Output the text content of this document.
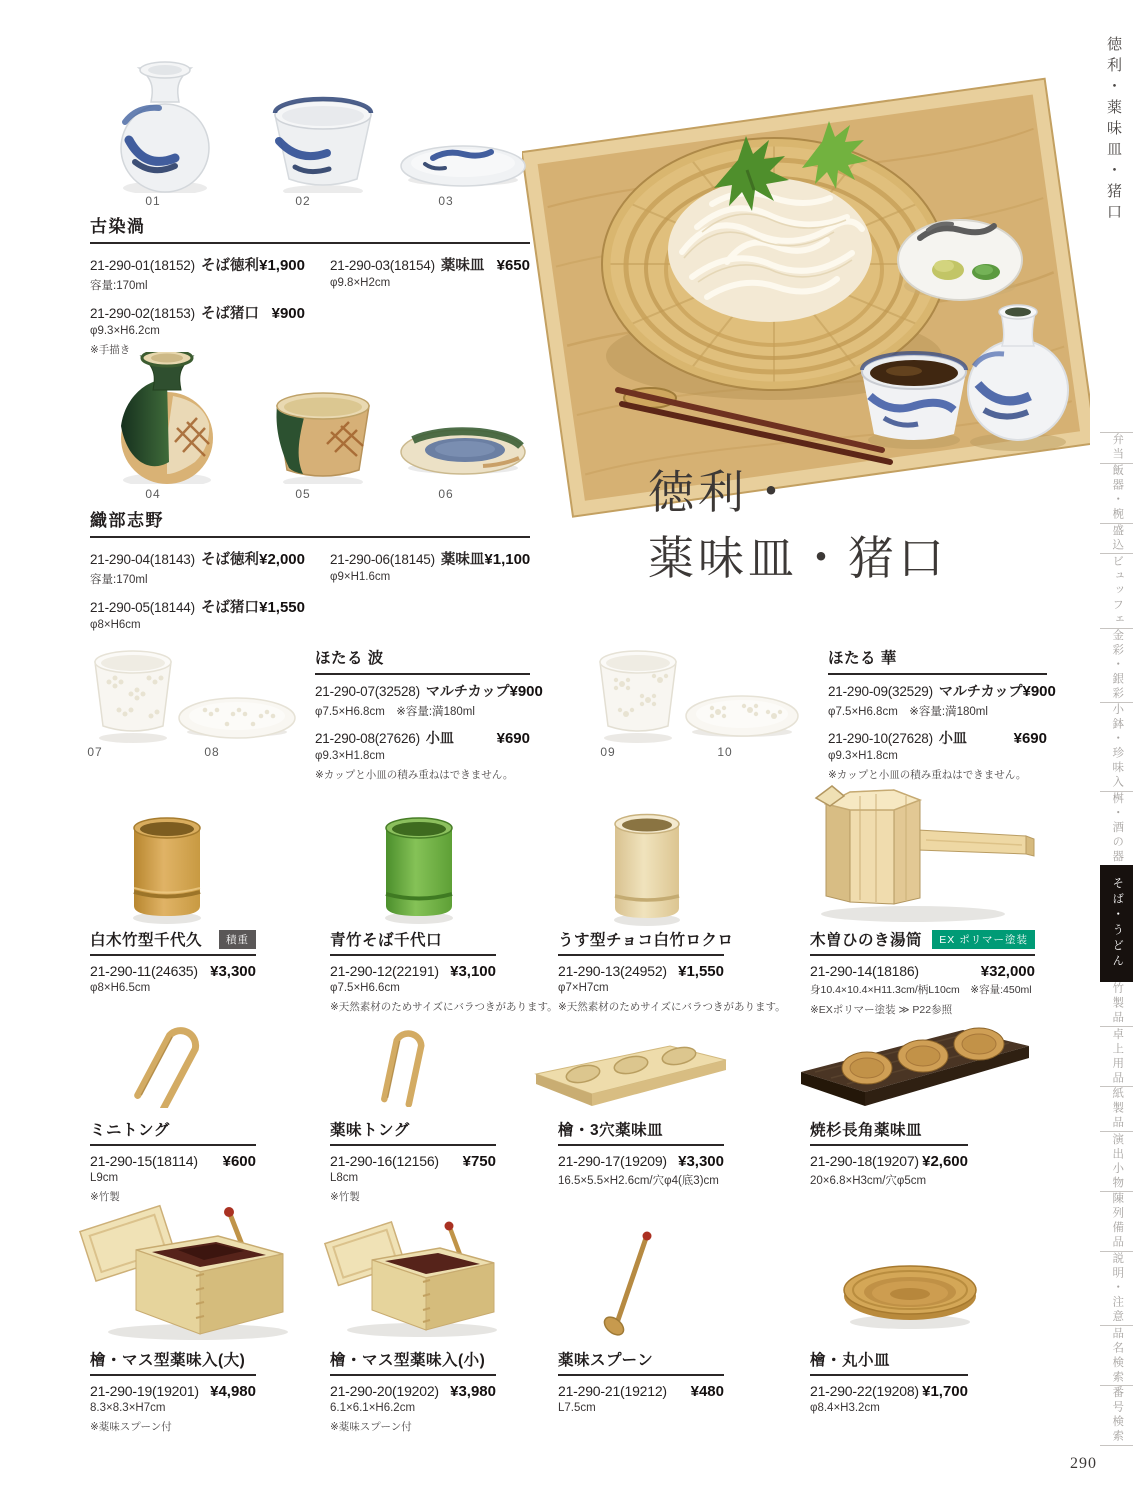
徳利・
薬味皿・猪口
01	02	03
古染渦
21-290-01(18152) そば徳利 ¥1,900
容量:170ml
21-290-02(18153) そば猪口 ¥900
φ9.3×H6.2cm
※手描き
21-290-03(18154) 薬味皿 ¥650
φ9.8×H2cm
04	05	06
織部志野
21-290-04(18143) そば徳利 ¥2,000
容量:170ml
21-290-05(18144) そば猪口 ¥1,550
φ8×H6cm
21-290-06(18145) 薬味皿 ¥1,100
φ9×H1.6cm
07	08
ほたる 波
21-290-07(32528) マルチカップ ¥900
φ7.5×H6.8cm　※容量:満180ml
21-290-08(27626) 小皿	¥690
φ9.3×H1.8cm
※カップと小皿の積み重ねはできません。
09	10
ほたる 華
21-290-09(32529) マルチカップ ¥900
φ7.5×H6.8cm　※容量:満180ml
21-290-10(27628) 小皿	¥690
φ9.3×H1.8cm
※カップと小皿の積み重ねはできません。
白木竹型千代久	積重
21-290-11(24635) ¥3,300
φ8×H6.5cm
青竹そば千代口
21-290-12(22191) ¥3,100
φ7.5×H6.6cm
※天然素材のためサイズにバラつきがあります。
うす型チョコ白竹ロクロ
21-290-13(24952) ¥1,550
φ7×H7cm
※天然素材のためサイズにバラつきがあります。
木曽ひのき湯筒	EX ポリマー塗装
21-290-14(18186)	¥32,000
身10.4×10.4×H11.3cm/柄L10cm　※容量:450ml
※EXポリマー塗装 ≫ P22参照
ミニトング
21-290-15(18114) ¥600
L9cm
※竹製
薬味トング
21-290-16(12156) ¥750
L8cm
※竹製
檜・3穴薬味皿
21-290-17(19209) ¥3,300
16.5×5.5×H2.6cm/穴φ4(底3)cm
焼杉長角薬味皿
21-290-18(19207) ¥2,600
20×6.8×H3cm/穴φ5cm
檜・マス型薬味入(大)
21-290-19(19201) ¥4,980
8.3×8.3×H7cm
※薬味スプーン付
檜・マス型薬味入(小)
21-290-20(19202) ¥3,980
6.1×6.1×H6.2cm
※薬味スプーン付
薬味スプーン
21-290-21(19212) ¥480
L7.5cm
檜・丸小皿
21-290-22(19208) ¥1,700
φ8.4×H3.2cm
徳利・薬味皿・猪口
弁当
飯器・椀
盛込
ビュッフェ
金彩・銀彩
小鉢・珍味入
桝・酒の器
そば・うどん
竹製品
卓上用品
紙製品
演出小物
陳列備品
説明・注意
品名検索
番号検索
290
